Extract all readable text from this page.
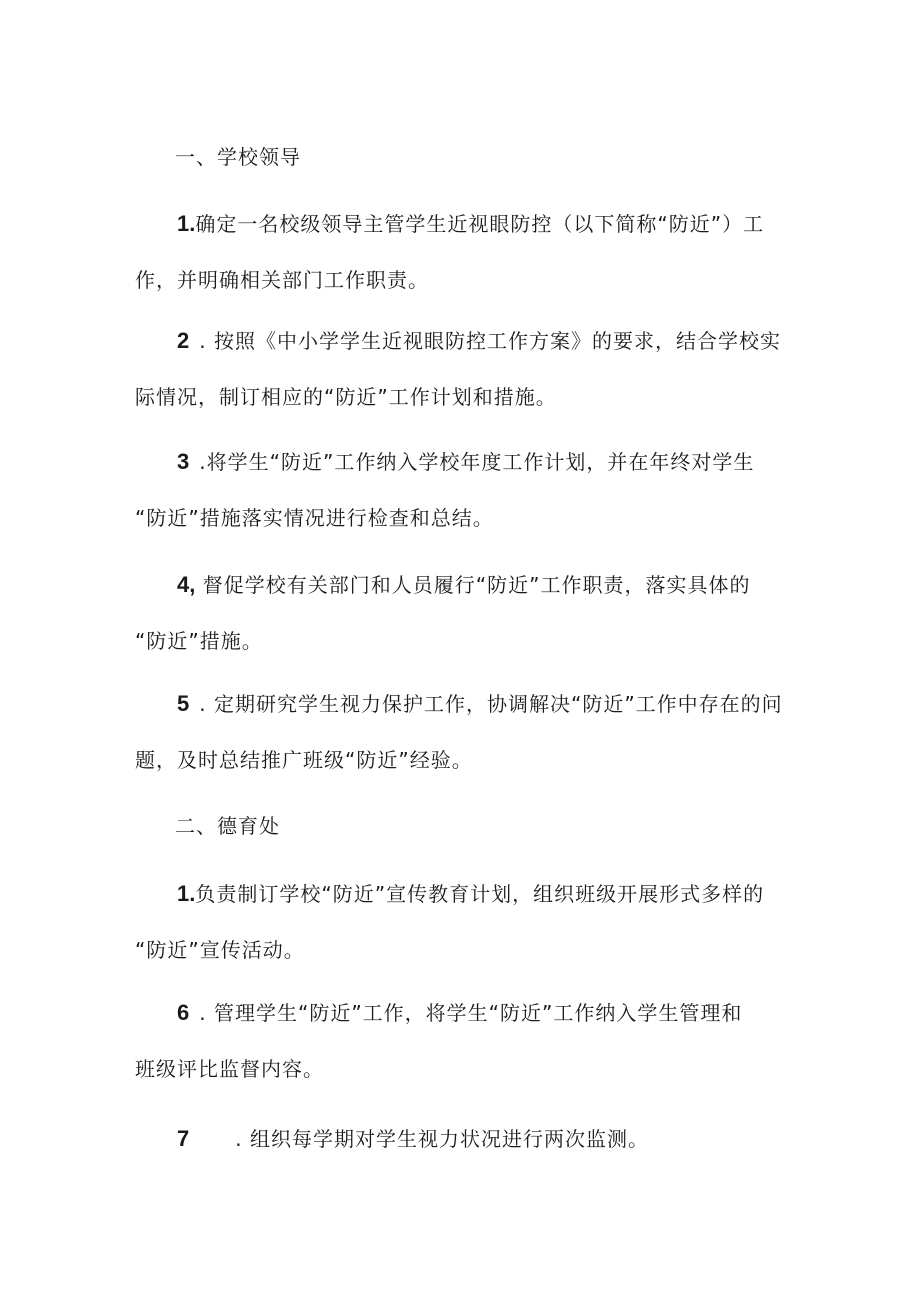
一、学校领导
1.确定一名校级领导主管学生近视眼防控（以下简称“防近”）工
作，并明确相关部门工作职责。
2 . 按照《中小学学生近视眼防控工作方案》的要求，结合学校实
际情况，制订相应的“防近”工作计划和措施。
3 .将学生“防近”工作纳入学校年度工作计划，并在年终对学生
“防近”措施落实情况进行检查和总结。
4, 督促学校有关部门和人员履行“防近”工作职责，落实具体的
“防近”措施。
5 . 定期研究学生视力保护工作，协调解决“防近”工作中存在的问
题，及时总结推广班级“防近”经验。
二、德育处
1.负责制订学校“防近”宣传教育计划，组织班级开展形式多样的
“防近”宣传活动。
6 . 管理学生“防近”工作，将学生“防近”工作纳入学生管理和
班级评比监督内容。
7 . 组织每学期对学生视力状况进行两次监测。
